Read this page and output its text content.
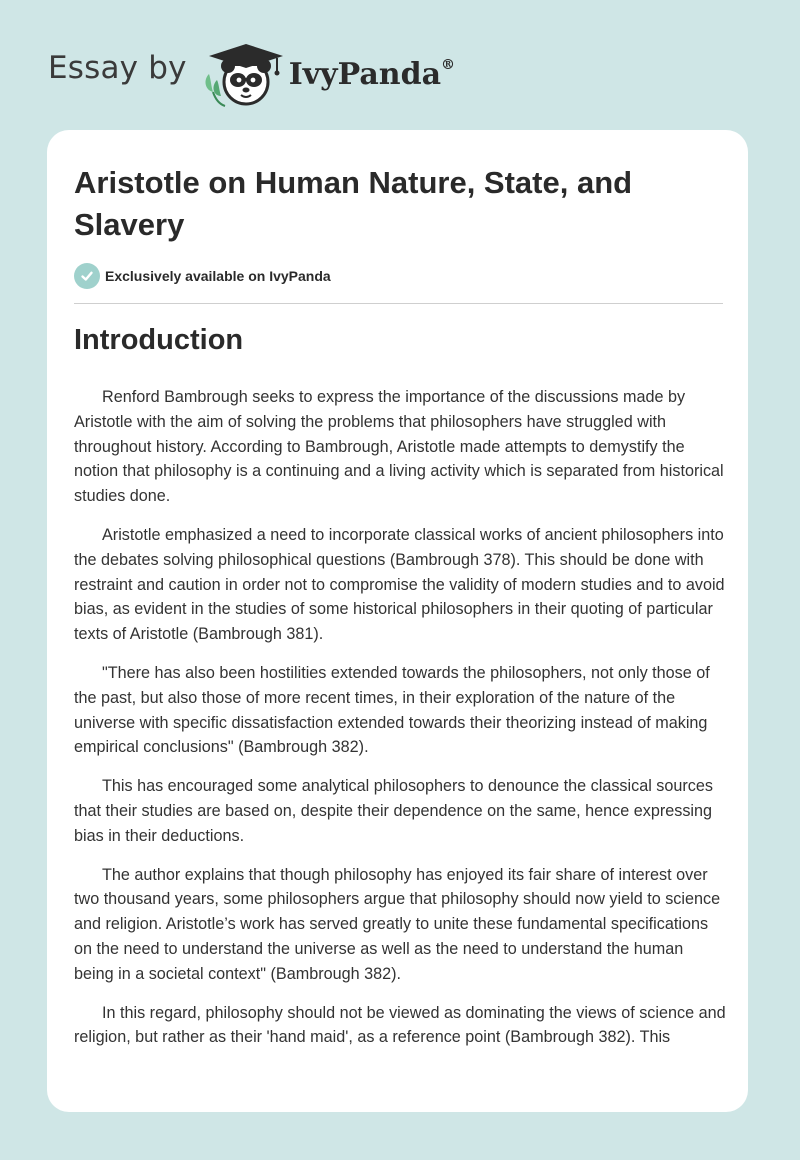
Essay by	IvyPanda®
Aristotle on Human Nature, State, and Slavery
Exclusively available on IvyPanda
Introduction

Renford Bambrough seeks to express the importance of the discussions made by Aristotle with the aim of solving the problems that philosophers have struggled with throughout history. According to Bambrough, Aristotle made attempts to demystify the notion that philosophy is a continuing and a living activity which is separated from historical studies done.

Aristotle emphasized a need to incorporate classical works of ancient philosophers into the debates solving philosophical questions (Bambrough 378). This should be done with restraint and caution in order not to compromise the validity of modern studies and to avoid bias, as evident in the studies of some historical philosophers in their quoting of particular texts of Aristotle (Bambrough 381).

"There has also been hostilities extended towards the philosophers, not only those of the past, but also those of more recent times, in their exploration of the nature of the universe with specific dissatisfaction extended towards their theorizing instead of making empirical conclusions" (Bambrough 382).

This has encouraged some analytical philosophers to denounce the classical sources that their studies are based on, despite their dependence on the same, hence expressing bias in their deductions.

The author explains that though philosophy has enjoyed its fair share of interest over two thousand years, some philosophers argue that philosophy should now yield to science and religion. Aristotle’s work has served greatly to unite these fundamental specifications on the need to understand the universe as well as the need to understand the human being in a societal context" (Bambrough 382).

In this regard, philosophy should not be viewed as dominating the views of science and religion, but rather as their 'hand maid', as a reference point (Bambrough 382). This
